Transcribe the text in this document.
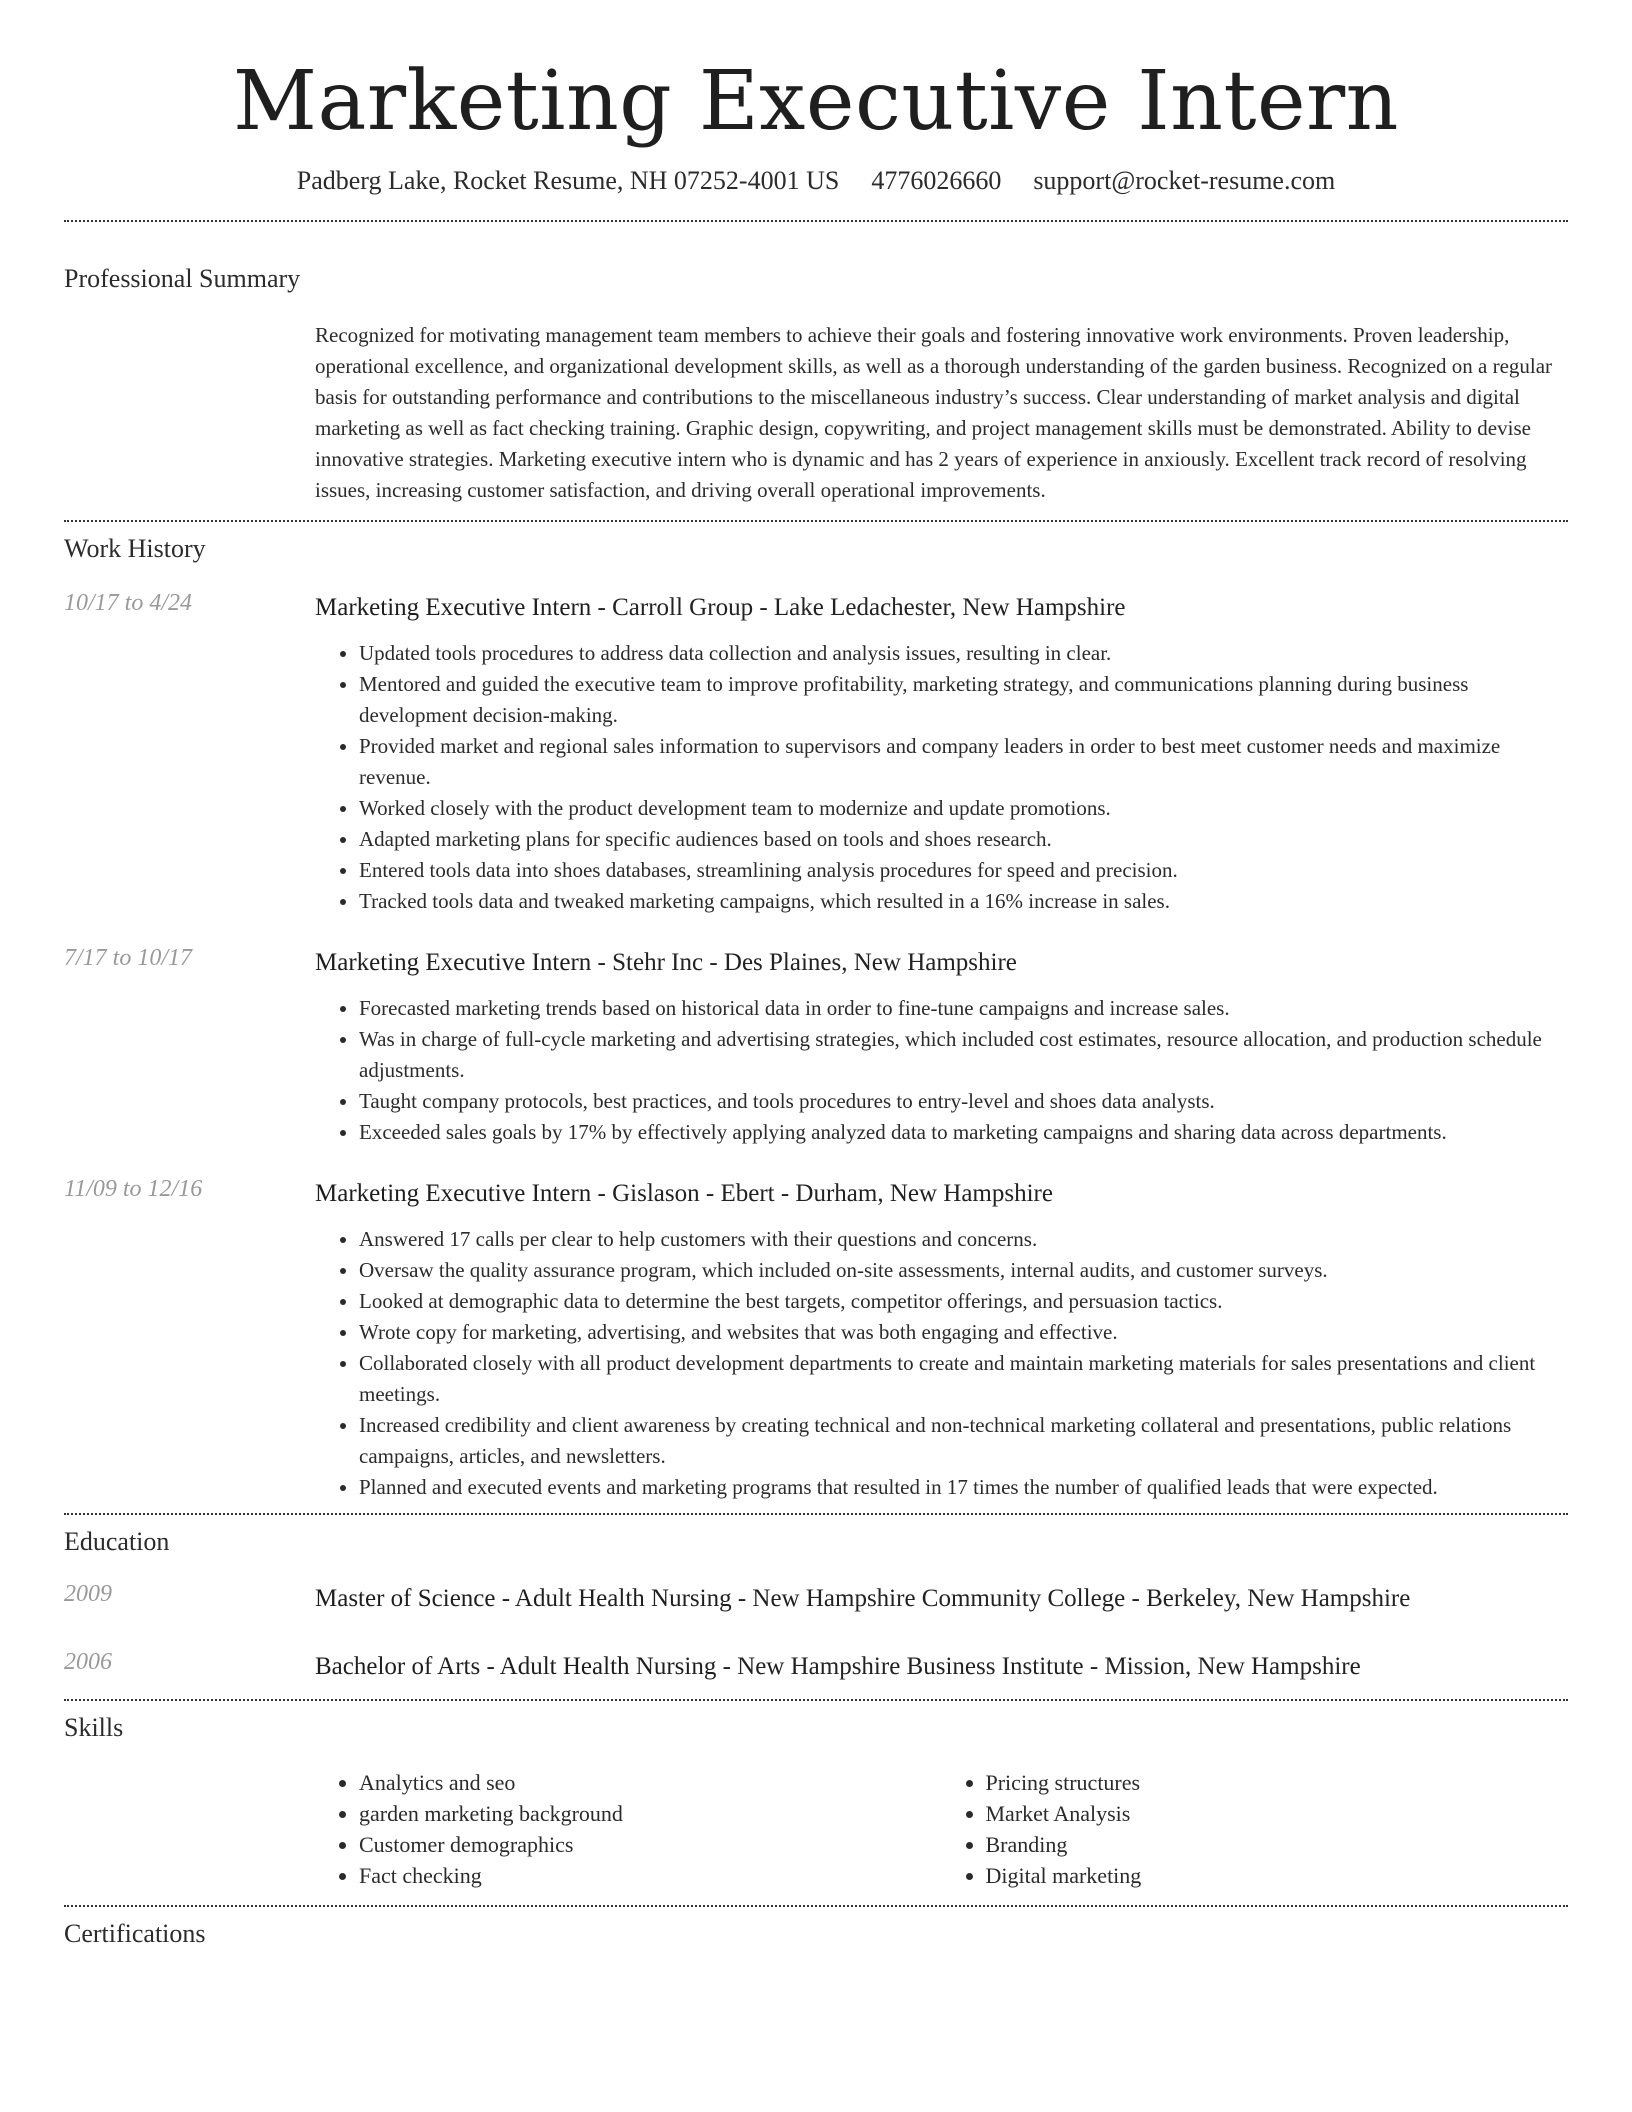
Marketing Executive Intern
Padberg Lake, Rocket Resume, NH 07252-4001 US 4776026660 support@rocket-resume.com
Professional Summary

Recognized for motivating management team members to achieve their goals and fostering innovative work environments. Proven leadership, operational excellence, and organizational development skills, as well as a thorough understanding of the garden business. Recognized on a regular basis for outstanding performance and contributions to the miscellaneous industry’s success. Clear understanding of market analysis and digital marketing as well as fact checking training. Graphic design, copywriting, and project management skills must be demonstrated. Ability to devise innovative strategies. Marketing executive intern who is dynamic and has 2 years of experience in anxiously. Excellent track record of resolving issues, increasing customer satisfaction, and driving overall operational improvements.

Work History
10/17 to 4/24	Marketing Executive Intern - Carroll Group - Lake Ledachester, New Hampshire
• Updated tools procedures to address data collection and analysis issues, resulting in clear.
• Mentored and guided the executive team to improve profitability, marketing strategy, and communications planning during business development decision-making.
• Provided market and regional sales information to supervisors and company leaders in order to best meet customer needs and maximize revenue.
• Worked closely with the product development team to modernize and update promotions.
• Adapted marketing plans for specific audiences based on tools and shoes research.
• Entered tools data into shoes databases, streamlining analysis procedures for speed and precision.
• Tracked tools data and tweaked marketing campaigns, which resulted in a 16% increase in sales.
7/17 to 10/17	Marketing Executive Intern - Stehr Inc - Des Plaines, New Hampshire
• Forecasted marketing trends based on historical data in order to fine-tune campaigns and increase sales.
• Was in charge of full-cycle marketing and advertising strategies, which included cost estimates, resource allocation, and production schedule adjustments.
• Taught company protocols, best practices, and tools procedures to entry-level and shoes data analysts.
• Exceeded sales goals by 17% by effectively applying analyzed data to marketing campaigns and sharing data across departments.
11/09 to 12/16	Marketing Executive Intern - Gislason - Ebert - Durham, New Hampshire
• Answered 17 calls per clear to help customers with their questions and concerns.
• Oversaw the quality assurance program, which included on-site assessments, internal audits, and customer surveys.
• Looked at demographic data to determine the best targets, competitor offerings, and persuasion tactics.
• Wrote copy for marketing, advertising, and websites that was both engaging and effective.
• Collaborated closely with all product development departments to create and maintain marketing materials for sales presentations and client meetings.
• Increased credibility and client awareness by creating technical and non-technical marketing collateral and presentations, public relations campaigns, articles, and newsletters.
• Planned and executed events and marketing programs that resulted in 17 times the number of qualified leads that were expected.
Education
2009	Master of Science - Adult Health Nursing - New Hampshire Community College - Berkeley, New Hampshire
2006	Bachelor of Arts - Adult Health Nursing - New Hampshire Business Institute - Mission, New Hampshire
Skills
• Analytics and seo
• garden marketing background
• Customer demographics
• Fact checking
• Pricing structures
• Market Analysis
• Branding
• Digital marketing
Certifications
